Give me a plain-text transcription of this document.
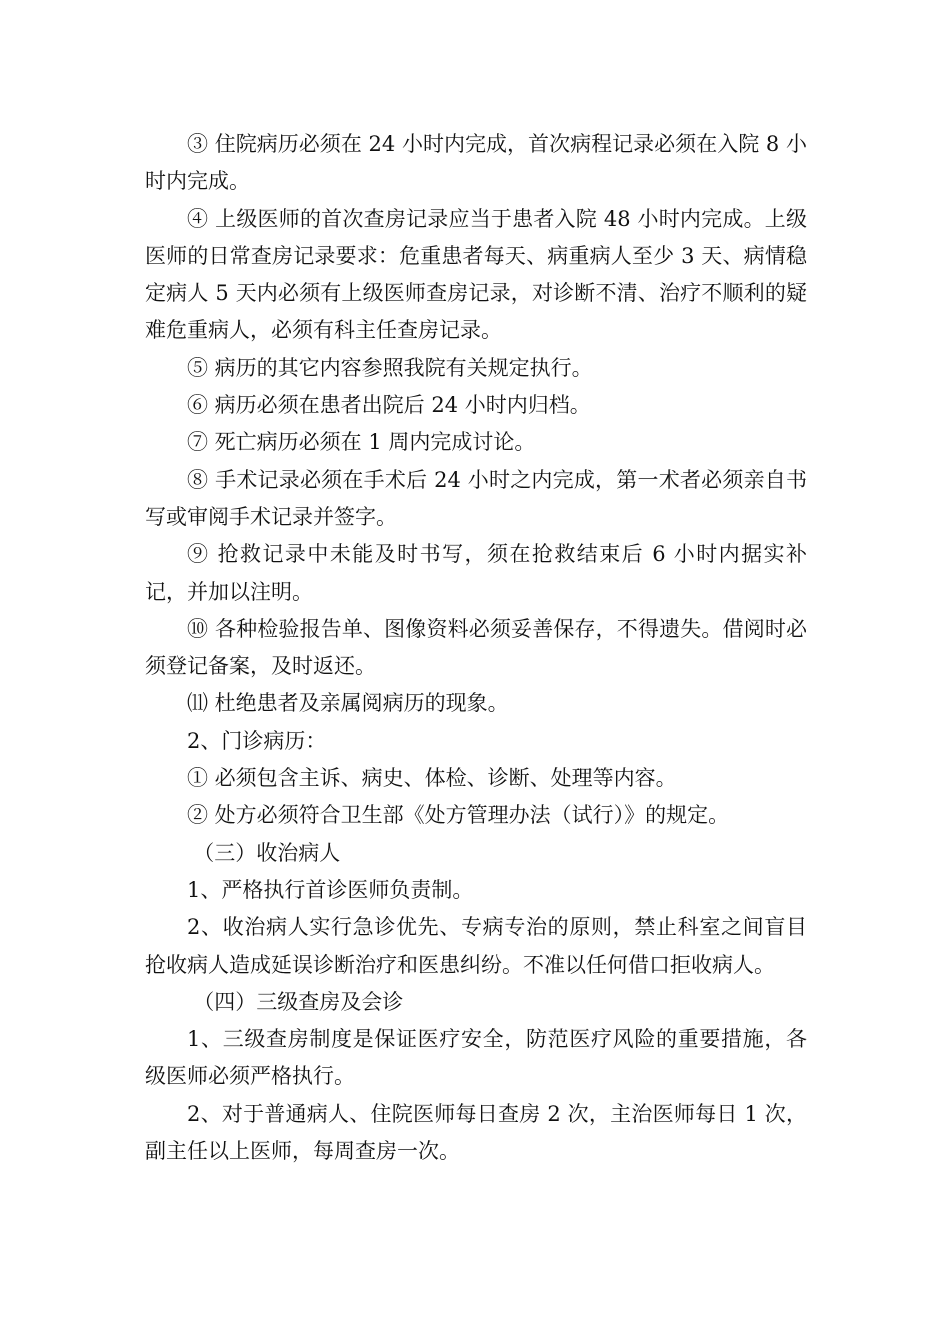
③ 住院病历必须在 24 小时内完成，首次病程记录必须在入院 8 小时内完成。

④ 上级医师的首次查房记录应当于患者入院 48 小时内完成。上级医师的日常查房记录要求：危重患者每天、病重病人至少 3 天、病情稳定病人 5 天内必须有上级医师查房记录，对诊断不清、治疗不顺利的疑难危重病人，必须有科主任查房记录。

⑤ 病历的其它内容参照我院有关规定执行。

⑥ 病历必须在患者出院后 24 小时内归档。

⑦ 死亡病历必须在 1 周内完成讨论。

⑧ 手术记录必须在手术后 24 小时之内完成，第一术者必须亲自书写或审阅手术记录并签字。

⑨ 抢救记录中未能及时书写，须在抢救结束后 6 小时内据实补记，并加以注明。

⑩ 各种检验报告单、图像资料必须妥善保存，不得遗失。借阅时必须登记备案，及时返还。

⑾ 杜绝患者及亲属阅病历的现象。

2、门诊病历：

① 必须包含主诉、病史、体检、诊断、处理等内容。

② 处方必须符合卫生部《处方管理办法（试行）》的规定。

（三）收治病人

1、严格执行首诊医师负责制。

2、收治病人实行急诊优先、专病专治的原则，禁止科室之间盲目抢收病人造成延误诊断治疗和医患纠纷。不准以任何借口拒收病人。

（四）三级查房及会诊

1、三级查房制度是保证医疗安全，防范医疗风险的重要措施，各级医师必须严格执行。

2、对于普通病人、住院医师每日查房 2 次，主治医师每日 1 次，副主任以上医师，每周查房一次。
